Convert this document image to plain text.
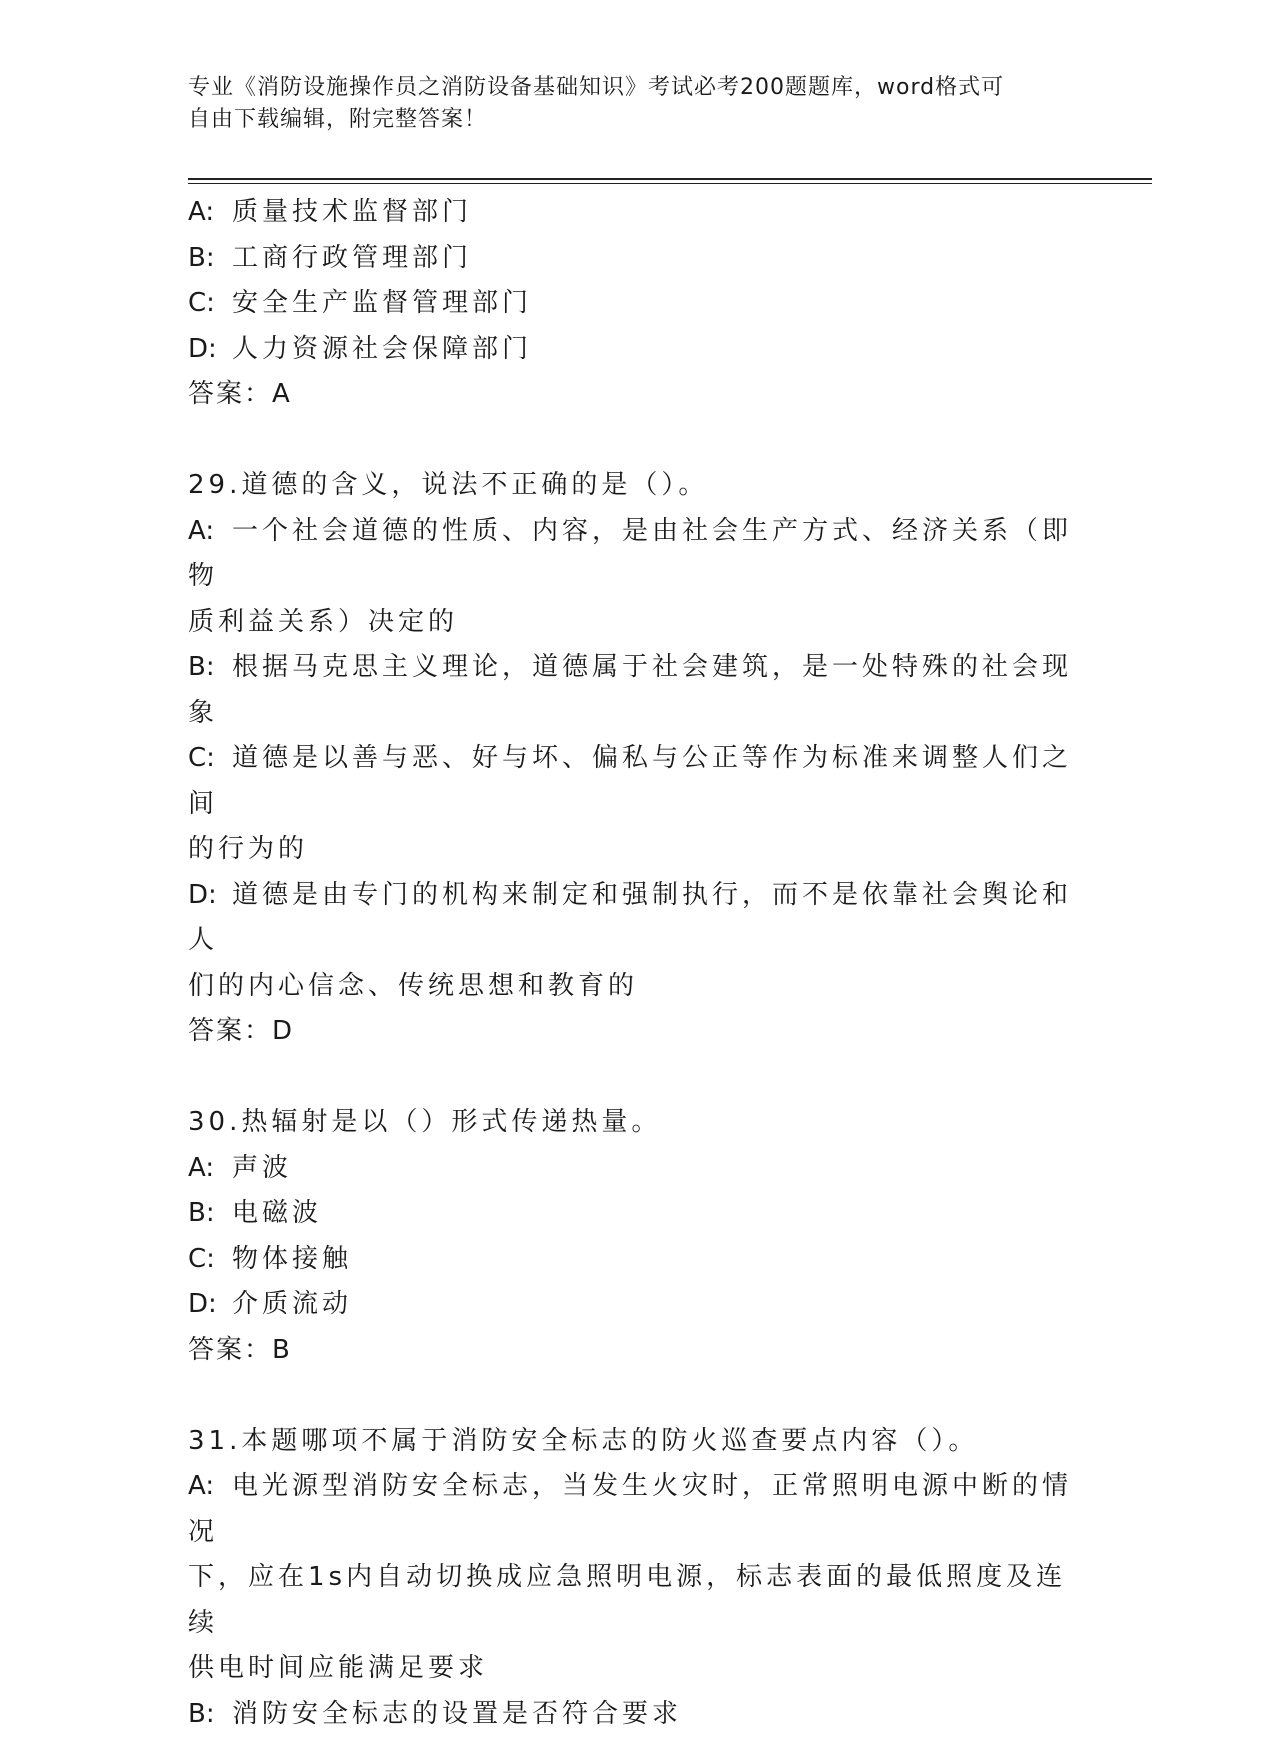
专业《消防设施操作员之消防设备基础知识》考试必考200题题库，word格式可
自由下载编辑，附完整答案！

A: 质量技术监督部门

B: 工商行政管理部门

C: 安全生产监督管理部门

D: 人力资源社会保障部门

答案：A

29.道德的含义，说法不正确的是（）。

A: 一个社会道德的性质、内容，是由社会生产方式、经济关系（即物

质利益关系）决定的

B: 根据马克思主义理论，道德属于社会建筑，是一处特殊的社会现象

C: 道德是以善与恶、好与坏、偏私与公正等作为标准来调整人们之间

的行为的

D: 道德是由专门的机构来制定和强制执行，而不是依靠社会舆论和人

们的内心信念、传统思想和教育的

答案：D

30.热辐射是以（）形式传递热量。

A: 声波

B: 电磁波

C: 物体接触

D: 介质流动

答案：B

31.本题哪项不属于消防安全标志的防火巡查要点内容（）。

A: 电光源型消防安全标志，当发生火灾时，正常照明电源中断的情况

下，应在1s内自动切换成应急照明电源，标志表面的最低照度及连续

供电时间应能满足要求

B: 消防安全标志的设置是否符合要求
